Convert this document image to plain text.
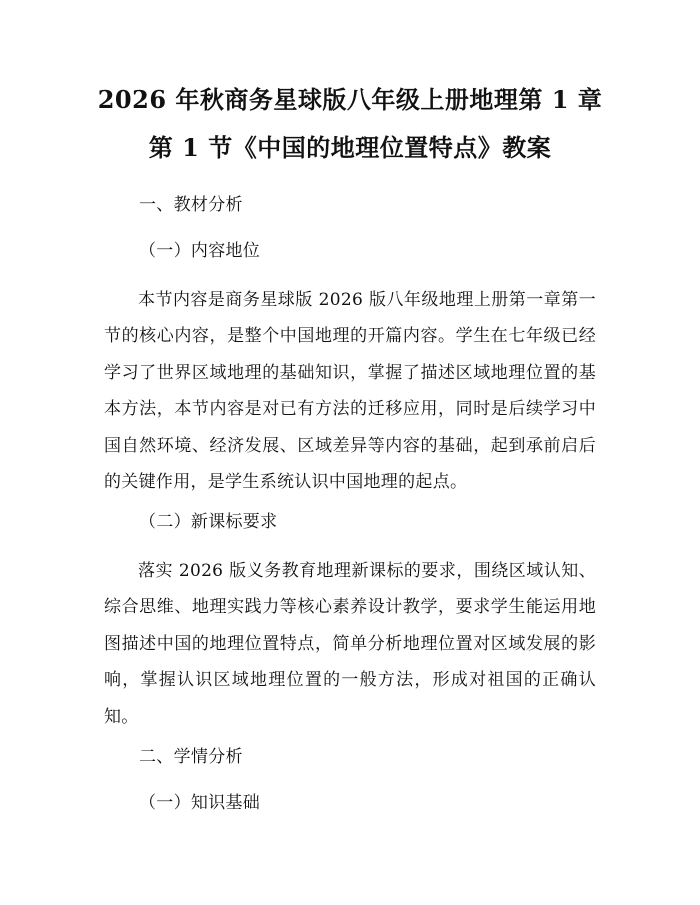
2026 年秋商务星球版八年级上册地理第 1 章
第 1 节《中国的地理位置特点》教案
一、教材分析
（一）内容地位

本节内容是商务星球版 2026 版八年级地理上册第一章第一节的核心内容，是整个中国地理的开篇内容。学生在七年级已经学习了世界区域地理的基础知识，掌握了描述区域地理位置的基本方法，本节内容是对已有方法的迁移应用，同时是后续学习中国自然环境、经济发展、区域差异等内容的基础，起到承前启后的关键作用，是学生系统认识中国地理的起点。

（二）新课标要求

落实 2026 版义务教育地理新课标的要求，围绕区域认知、综合思维、地理实践力等核心素养设计教学，要求学生能运用地图描述中国的地理位置特点，简单分析地理位置对区域发展的影响，掌握认识区域地理位置的一般方法，形成对祖国的正确认知。

二、学情分析
（一）知识基础
